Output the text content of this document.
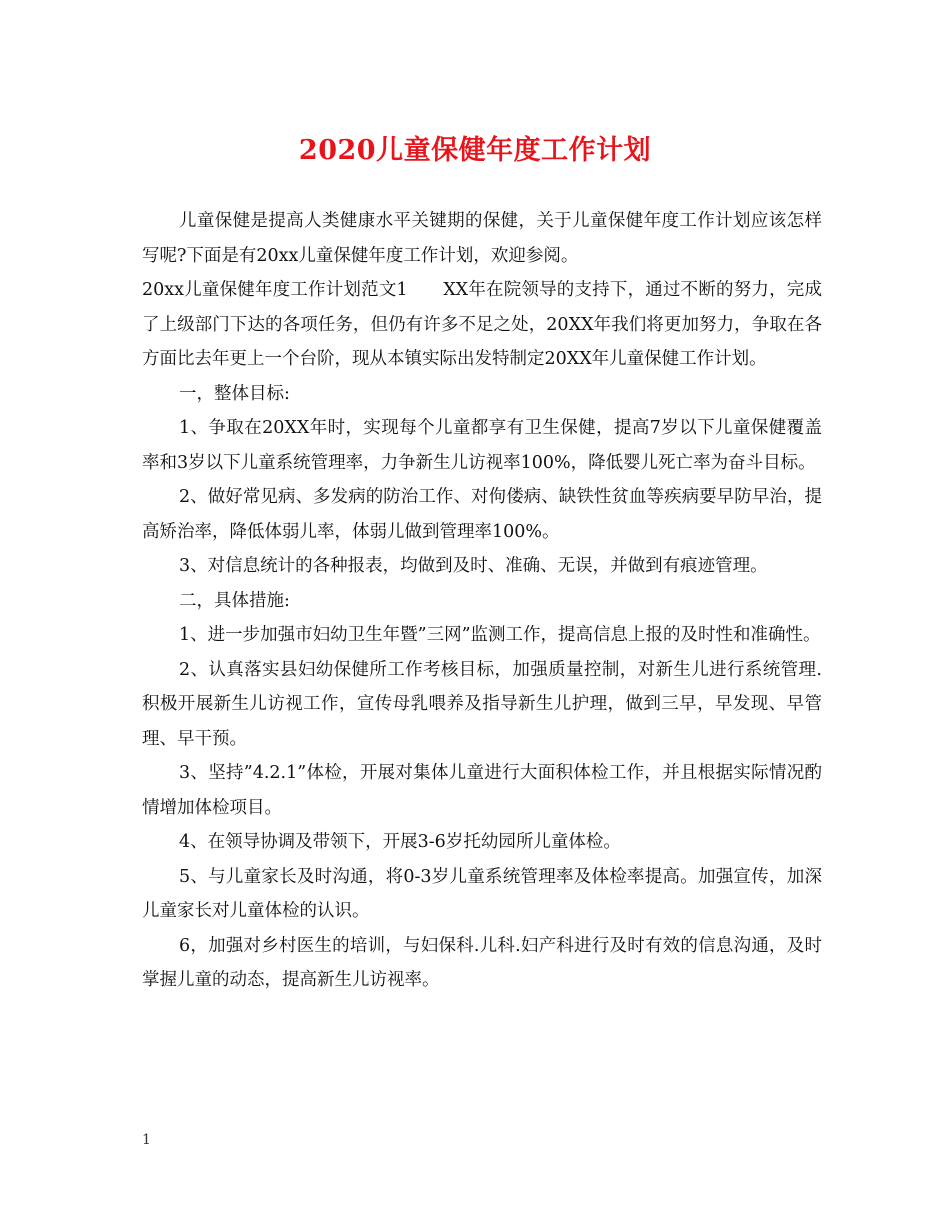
2020儿童保健年度工作计划

儿童保健是提高人类健康水平关键期的保健，关于儿童保健年度工作计划应该怎样写呢?下面是有20xx儿童保健年度工作计划，欢迎参阅。

20xx儿童保健年度工作计划范文1　　XX年在院领导的支持下，通过不断的努力，完成了上级部门下达的各项任务，但仍有许多不足之处，20XX年我们将更加努力，争取在各方面比去年更上一个台阶，现从本镇实际出发特制定20XX年儿童保健工作计划。

一，整体目标:

1、争取在20XX年时，实现每个儿童都享有卫生保健，提高7岁以下儿童保健覆盖率和3岁以下儿童系统管理率，力争新生儿访视率100%，降低婴儿死亡率为奋斗目标。

2、做好常见病、多发病的防治工作、对佝偻病、缺铁性贫血等疾病要早防早治，提高矫治率，降低体弱儿率，体弱儿做到管理率100%。

3、对信息统计的各种报表，均做到及时、准确、无误，并做到有痕迹管理。

二，具体措施:

1、进一步加强市妇幼卫生年暨”三网”监测工作，提高信息上报的及时性和准确性。

2、认真落实县妇幼保健所工作考核目标，加强质量控制，对新生儿进行系统管理.积极开展新生儿访视工作，宣传母乳喂养及指导新生儿护理，做到三早，早发现、早管理、早干预。

3、坚持”4.2.1”体检，开展对集体儿童进行大面积体检工作，并且根据实际情况酌情增加体检项目。

4、在领导协调及带领下，开展3-6岁托幼园所儿童体检。

5、与儿童家长及时沟通，将0-3岁儿童系统管理率及体检率提高。加强宣传，加深儿童家长对儿童体检的认识。

6，加强对乡村医生的培训，与妇保科.儿科.妇产科进行及时有效的信息沟通，及时掌握儿童的动态，提高新生儿访视率。

1
